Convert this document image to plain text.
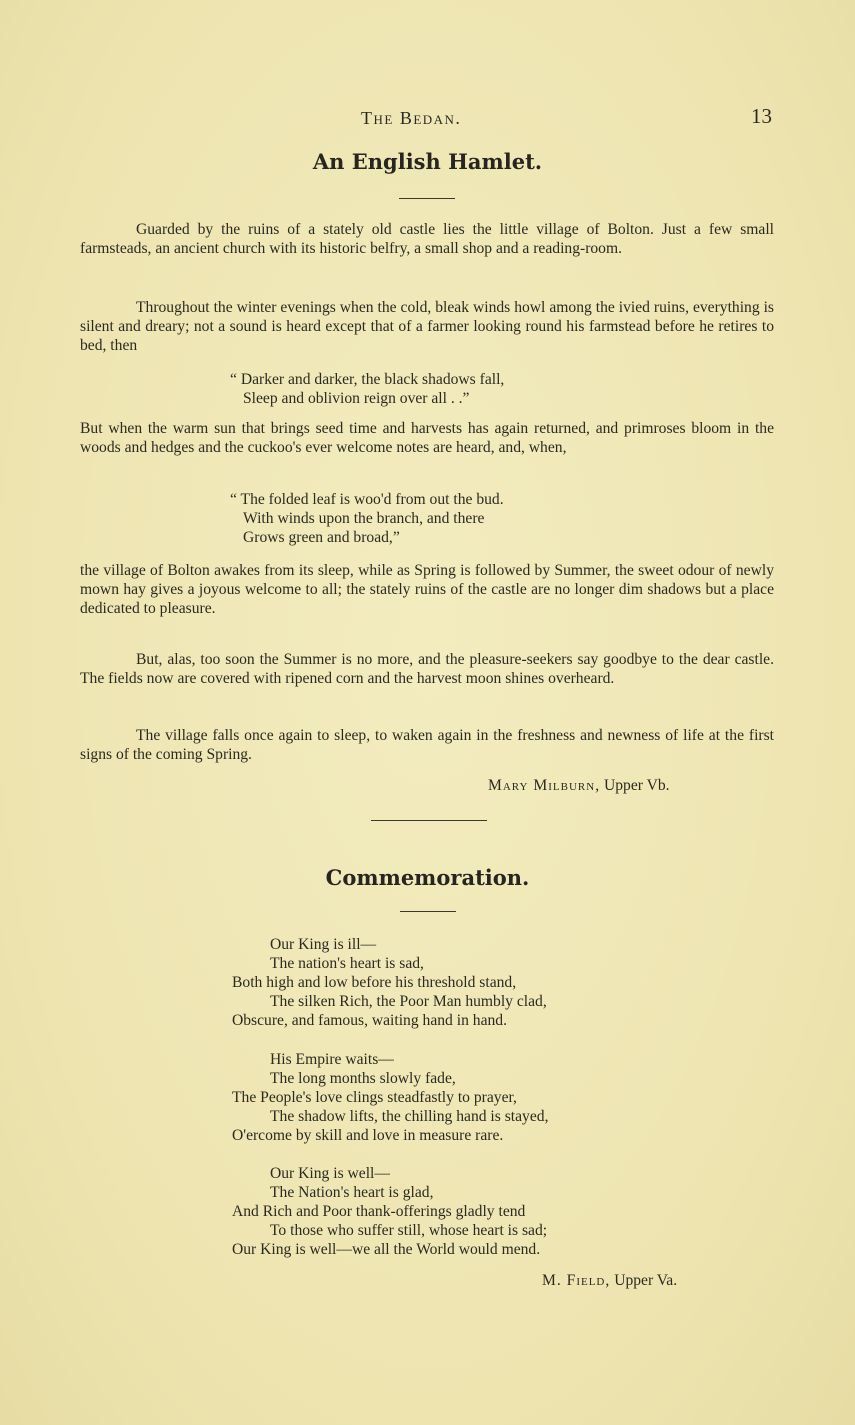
The Bedan.	13
An English Hamlet.

Guarded by the ruins of a stately old castle lies the little village of Bolton. Just a few small farmsteads, an ancient church with its historic belfry, a small shop and a reading-room.

Throughout the winter evenings when the cold, bleak winds howl among the ivied ruins, everything is silent and dreary; not a sound is heard except that of a farmer looking round his farmstead before he retires to bed, then

“ Darker and darker, the black shadows fall,
Sleep and oblivion reign over all . .”

But when the warm sun that brings seed time and harvests has again returned, and primroses bloom in the woods and hedges and the cuckoo's ever welcome notes are heard, and, when,

“ The folded leaf is woo'd from out the bud.
With winds upon the branch, and there
Grows green and broad,”

the village of Bolton awakes from its sleep, while as Spring is followed by Summer, the sweet odour of newly mown hay gives a joyous welcome to all; the stately ruins of the castle are no longer dim shadows but a place dedicated to pleasure.

But, alas, too soon the Summer is no more, and the pleasure-seekers say goodbye to the dear castle. The fields now are covered with ripened corn and the harvest moon shines overheard.

The village falls once again to sleep, to waken again in the freshness and newness of life at the first signs of the coming Spring.

Mary Milburn, Upper Vb.
Commemoration.
Our King is ill—
The nation's heart is sad,
Both high and low before his threshold stand,
The silken Rich, the Poor Man humbly clad,
Obscure, and famous, waiting hand in hand.
His Empire waits—
The long months slowly fade,
The People's love clings steadfastly to prayer,
The shadow lifts, the chilling hand is stayed,
O'ercome by skill and love in measure rare.
Our King is well—
The Nation's heart is glad,
And Rich and Poor thank-offerings gladly tend
To those who suffer still, whose heart is sad;
Our King is well—we all the World would mend.
M. Field, Upper Va.
